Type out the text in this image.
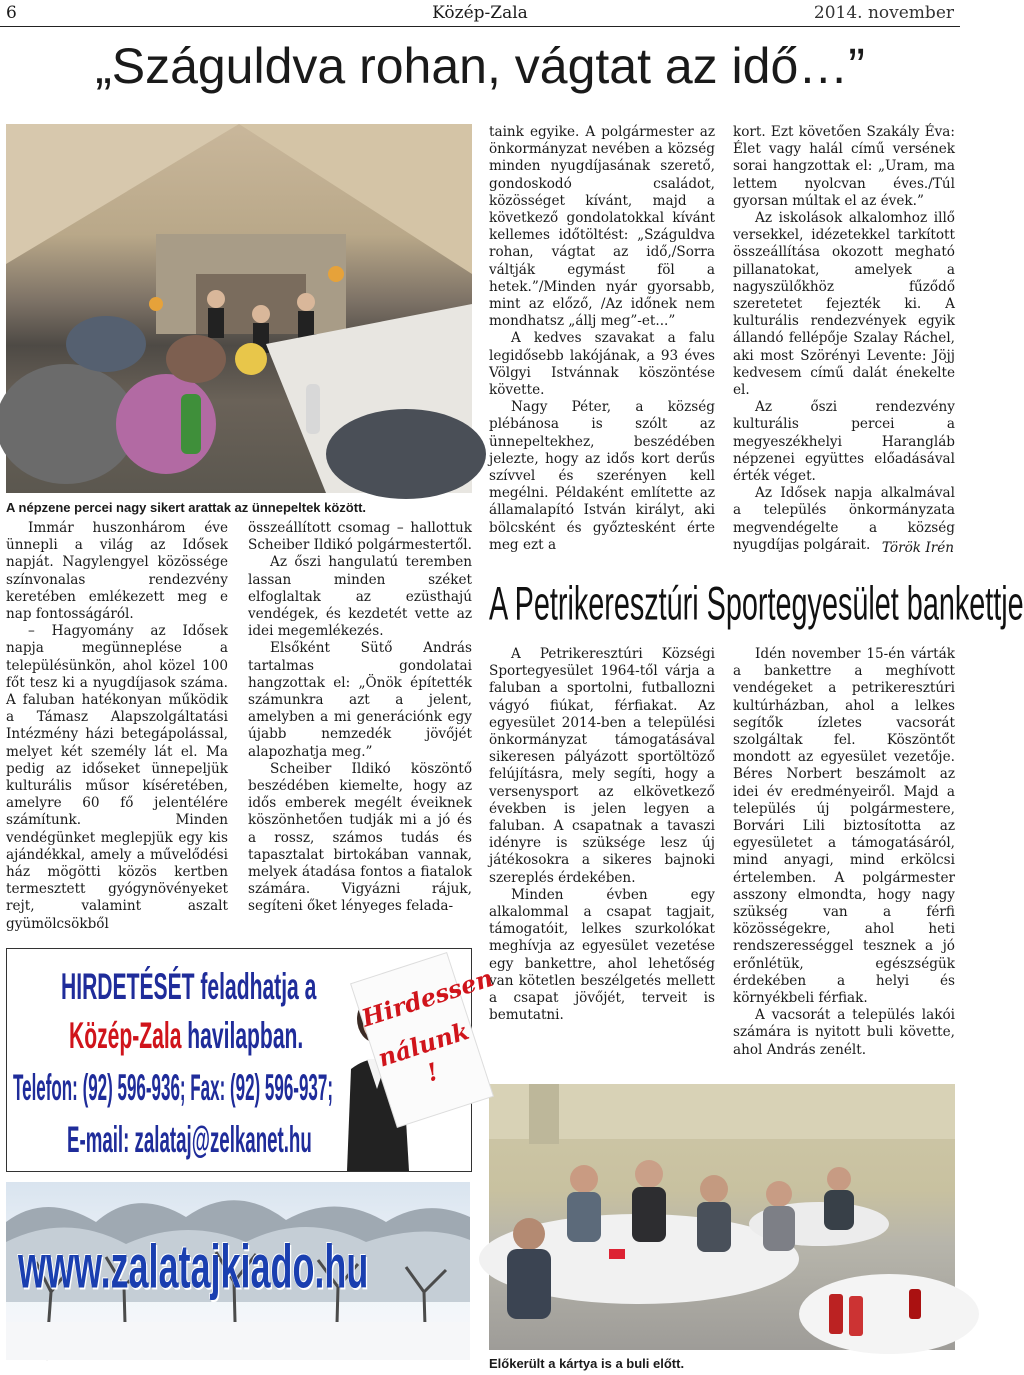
6	Közép-Zala	2014. november
„Száguldva rohan, vágtat az idő…”
A népzene percei nagy sikert arattak az ünnepeltek között.

Immár huszonhárom éve ünnepli a világ az Idősek napját. Nagylengyel közössége színvonalas rendezvény keretében emlékezett meg e nap fontosságáról.

– Hagyomány az Idősek napja megünneplése a településünkön, ahol közel 100 főt tesz ki a nyugdíjasok száma. A faluban hatékonyan működik a Támasz Alapszolgáltatási Intézmény házi betegápolással, melyet két személy lát el. Ma pedig az időseket ünnepeljük kulturális műsor kíséretében, amelyre 60 fő jelentélére számítunk. Minden vendégünket meglepjük egy kis ajándékkal, amely a művelődési ház mögötti közös kertben termesztett gyógynövényeket rejt, valamint aszalt gyümölcsökből

összeállított csomag – hallottuk Scheiber Ildikó polgármestertől.

Az őszi hangulatú teremben lassan minden széket elfoglaltak az ezüsthajú vendégek, és kezdetét vette az idei megemlékezés.

Elsőként Sütő András tartalmas gondolatai hangzottak el: „Önök építették számunkra azt a jelent, amelyben a mi generációnk egy újabb nemzedék jövőjét alapozhatja meg.”

Scheiber Ildikó köszöntő beszédében kiemelte, hogy az idős emberek megélt éveiknek köszönhetően tudják mi a jó és a rossz, számos tudás és tapasztalat birtokában vannak, melyek átadása fontos a fiatalok számára. Vigyázni rájuk, segíteni őket lényeges feladа-

taink egyike. A polgármester az önkormányzat nevében a község minden nyugdíjasának szerető, gondoskodó családot, közösséget kívánt, majd a következő gondolatokkal kívánt kellemes időtöltést: „Száguldva rohan, vágtat az idő,/Sorra váltják egymást föl a hetek.”/Minden nyár gyorsabb, mint az előző, /Az időnek nem mondhatsz „állj meg”-et...”

A kedves szavakat a falu legidősebb lakójának, a 93 éves Völgyi Istvánnak köszöntése követte.

Nagy Péter, a község plébánosa is szólt az ünnepeltekhez, beszédében jelezte, hogy az idős kort derűs szívvel és szerényen kell megélni. Példaként említette az államalapító István királyt, aki bölcsként és győztesként érte meg ezt a

kort. Ezt követően Szakály Éva: Élet vagy halál című versének sorai hangzottak el: „Uram, ma lettem nyolcvan éves./Túl gyorsan múltak el az évek.”

Az iskolások alkalomhoz illő versekkel, idézetekkel tarkított összeállítása okozott megható pillanatokat, amelyek a nagyszülőkhöz fűződő szeretetet fejezték ki. A kulturális rendezvények egyik állandó fellépője Szalay Ráchel, aki most Szörényi Levente: Jöjj kedvesem című dalát énekelte el.

Az őszi rendezvény kulturális percei a megyeszékhelyi Harangláb népzenei együttes előadásával érték véget.

Az Idősek napja alkalmával a település önkormányzata megvendégelte a község nyugdíjas polgárait. Török Irén
A Petrikeresztúri Sportegyesület bankettje

A Petrikeresztúri Községi Sportegyesület 1964-től várja a faluban a sportolni, futballozni vágyó fiúkat, férfiakat. Az egyesület 2014-ben a települési önkormányzat támogatásával sikeresen pályázott sportöltöző felújításra, mely segíti, hogy a versenysport az elkövetkező években is jelen legyen a faluban. A csapatnak a tavaszi idényre is szüksége lesz új játékosokra a sikeres bajnoki szereplés érdekében.

Minden évben egy alkalommal a csapat tagjait, támogatóit, lelkes szurkolókat meghívja az egyesület vezetése egy bankettre, ahol lehetőség van kötetlen beszélgetés mellett a csapat jövőjét, terveit is bemutatni.

Idén november 15-én várták a bankettre a meghívott vendégeket a petrikeresztúri kultúrházban, ahol a lelkes segítők ízletes vacsorát szolgáltak fel. Köszöntőt mondott az egyesület vezetője. Béres Norbert beszámolt az idei év eredményeiről. Majd a település új polgármestere, Borvári Lili biztosította az egyesületet a támogatásáról, mind anyagi, mind erkölcsi értelemben. A polgármester asszony elmondta, hogy nagy szükség van a férfi közösségekre, ahol heti rendszerességgel tesznek a jó erőnlétük, egészségük érdekében a helyi és környékbeli férfiak.

A vacsorát a település lakói számára is nyitott buli követte, ahol András zenélt.

Előkerült a kártya is a buli előtt.
HIRDETÉSÉT feladhatja a
Közép-Zala havilapban.
Telefon: (92) 596-936; Fax: (92) 596-937;
E-mail: zalataj@zelkanet.hu
Hirdessen
nálunk !
www.zalatajkiado.hu
